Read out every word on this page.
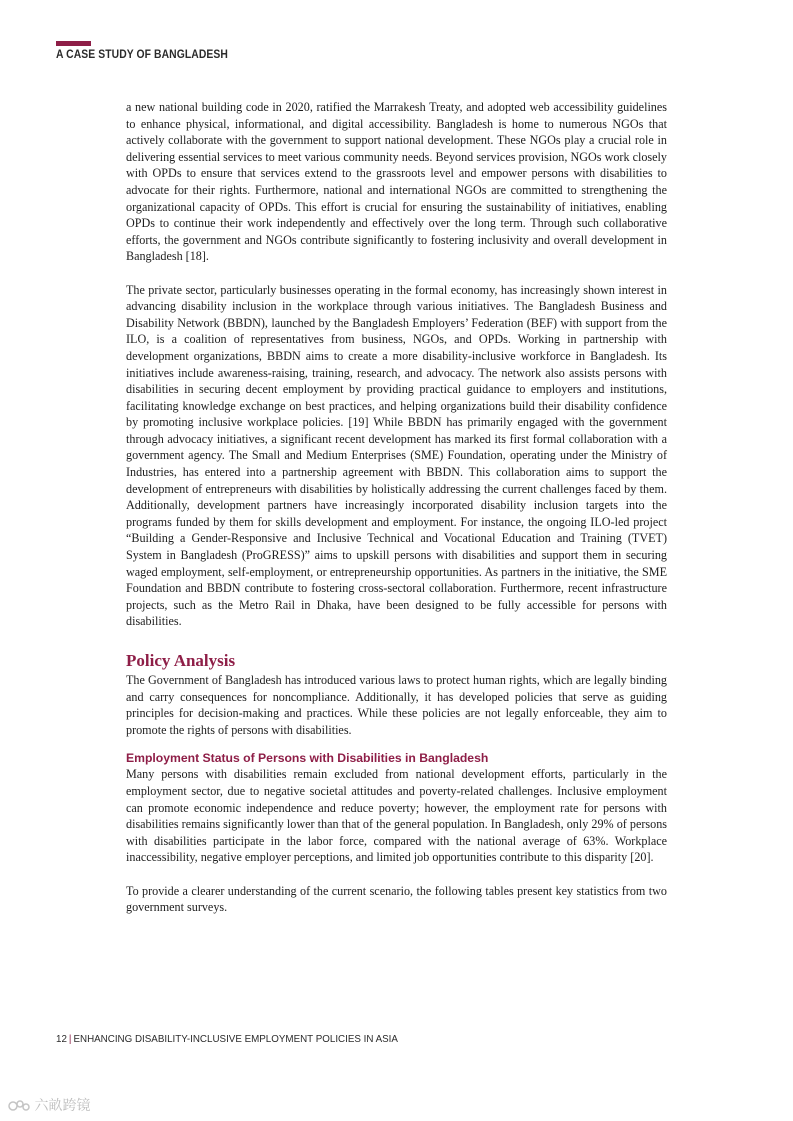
A CASE STUDY OF BANGLADESH

a new national building code in 2020, ratified the Marrakesh Treaty, and adopted web accessibility guidelines to enhance physical, informational, and digital accessibility. Bangladesh is home to numerous NGOs that actively collaborate with the government to support national development. These NGOs play a crucial role in delivering essential services to meet various community needs. Beyond services provision, NGOs work closely with OPDs to ensure that services extend to the grassroots level and empower persons with disabilities to advocate for their rights. Furthermore, national and international NGOs are committed to strengthening the organizational capacity of OPDs. This effort is crucial for ensuring the sustainability of initiatives, enabling OPDs to continue their work independently and effectively over the long term. Through such collaborative efforts, the government and NGOs contribute significantly to fostering inclusivity and overall development in Bangladesh [18].

The private sector, particularly businesses operating in the formal economy, has increasingly shown interest in advancing disability inclusion in the workplace through various initiatives. The Bangladesh Business and Disability Network (BBDN), launched by the Bangladesh Employers’ Federation (BEF) with support from the ILO, is a coalition of representatives from business, NGOs, and OPDs. Working in partnership with development organizations, BBDN aims to create a more disability-inclusive workforce in Bangladesh. Its initiatives include awareness-raising, training, research, and advocacy. The network also assists persons with disabilities in securing decent employment by providing practical guidance to employers and institutions, facilitating knowledge exchange on best practices, and helping organizations build their disability confidence by promoting inclusive workplace policies. [19] While BBDN has primarily engaged with the government through advocacy initiatives, a significant recent development has marked its first formal collaboration with a government agency. The Small and Medium Enterprises (SME) Foundation, operating under the Ministry of Industries, has entered into a partnership agreement with BBDN. This collaboration aims to support the development of entrepreneurs with disabilities by holistically addressing the current challenges faced by them. Additionally, development partners have increasingly incorporated disability inclusion targets into the programs funded by them for skills development and employment. For instance, the ongoing ILO-led project “Building a Gender-Responsive and Inclusive Technical and Vocational Education and Training (TVET) System in Bangladesh (ProGRESS)” aims to upskill persons with disabilities and support them in securing waged employment, self-employment, or entrepreneurship opportunities. As partners in the initiative, the SME Foundation and BBDN contribute to fostering cross-sectoral collaboration. Furthermore, recent infrastructure projects, such as the Metro Rail in Dhaka, have been designed to be fully accessible for persons with disabilities.

Policy Analysis

The Government of Bangladesh has introduced various laws to protect human rights, which are legally binding and carry consequences for noncompliance. Additionally, it has developed policies that serve as guiding principles for decision-making and practices. While these policies are not legally enforceable, they aim to promote the rights of persons with disabilities.

Employment Status of Persons with Disabilities in Bangladesh

Many persons with disabilities remain excluded from national development efforts, particularly in the employment sector, due to negative societal attitudes and poverty-related challenges. Inclusive employment can promote economic independence and reduce poverty; however, the employment rate for persons with disabilities remains significantly lower than that of the general population. In Bangladesh, only 29% of persons with disabilities participate in the labor force, compared with the national average of 63%. Workplace inaccessibility, negative employer perceptions, and limited job opportunities contribute to this disparity [20].

To provide a clearer understanding of the current scenario, the following tables present key statistics from two government surveys.

12 | ENHANCING DISABILITY-INCLUSIVE EMPLOYMENT POLICIES IN ASIA
六畝跨镜
